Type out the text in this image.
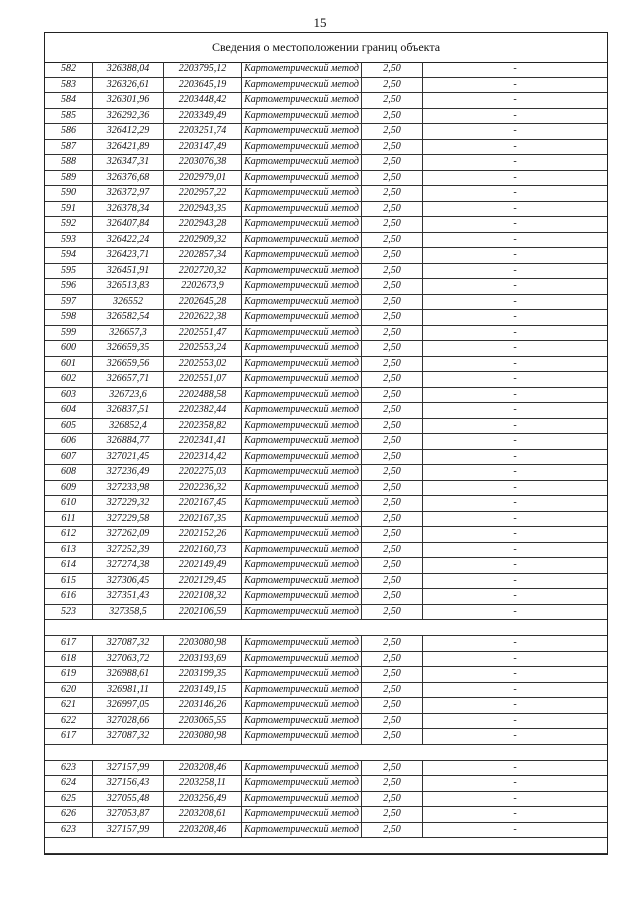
15
Сведения о местоположении границ объекта
582	326388,04	2203795,12	Картометрический метод	2,50	-
583	326326,61	2203645,19	Картометрический метод	2,50	-
584	326301,96	2203448,42	Картометрический метод	2,50	-
585	326292,36	2203349,49	Картометрический метод	2,50	-
586	326412,29	2203251,74	Картометрический метод	2,50	-
587	326421,89	2203147,49	Картометрический метод	2,50	-
588	326347,31	2203076,38	Картометрический метод	2,50	-
589	326376,68	2202979,01	Картометрический метод	2,50	-
590	326372,97	2202957,22	Картометрический метод	2,50	-
591	326378,34	2202943,35	Картометрический метод	2,50	-
592	326407,84	2202943,28	Картометрический метод	2,50	-
593	326422,24	2202909,32	Картометрический метод	2,50	-
594	326423,71	2202857,34	Картометрический метод	2,50	-
595	326451,91	2202720,32	Картометрический метод	2,50	-
596	326513,83	2202673,9	Картометрический метод	2,50	-
597	326552	2202645,28	Картометрический метод	2,50	-
598	326582,54	2202622,38	Картометрический метод	2,50	-
599	326657,3	2202551,47	Картометрический метод	2,50	-
600	326659,35	2202553,24	Картометрический метод	2,50	-
601	326659,56	2202553,02	Картометрический метод	2,50	-
602	326657,71	2202551,07	Картометрический метод	2,50	-
603	326723,6	2202488,58	Картометрический метод	2,50	-
604	326837,51	2202382,44	Картометрический метод	2,50	-
605	326852,4	2202358,82	Картометрический метод	2,50	-
606	326884,77	2202341,41	Картометрический метод	2,50	-
607	327021,45	2202314,42	Картометрический метод	2,50	-
608	327236,49	2202275,03	Картометрический метод	2,50	-
609	327233,98	2202236,32	Картометрический метод	2,50	-
610	327229,32	2202167,45	Картометрический метод	2,50	-
611	327229,58	2202167,35	Картометрический метод	2,50	-
612	327262,09	2202152,26	Картометрический метод	2,50	-
613	327252,39	2202160,73	Картометрический метод	2,50	-
614	327274,38	2202149,49	Картометрический метод	2,50	-
615	327306,45	2202129,45	Картометрический метод	2,50	-
616	327351,43	2202108,32	Картометрический метод	2,50	-
523	327358,5	2202106,59	Картометрический метод	2,50	-
617	327087,32	2203080,98	Картометрический метод	2,50	-
618	327063,72	2203193,69	Картометрический метод	2,50	-
619	326988,61	2203199,35	Картометрический метод	2,50	-
620	326981,11	2203149,15	Картометрический метод	2,50	-
621	326997,05	2203146,26	Картометрический метод	2,50	-
622	327028,66	2203065,55	Картометрический метод	2,50	-
617	327087,32	2203080,98	Картометрический метод	2,50	-
623	327157,99	2203208,46	Картометрический метод	2,50	-
624	327156,43	2203258,11	Картометрический метод	2,50	-
625	327055,48	2203256,49	Картометрический метод	2,50	-
626	327053,87	2203208,61	Картометрический метод	2,50	-
623	327157,99	2203208,46	Картометрический метод	2,50	-
